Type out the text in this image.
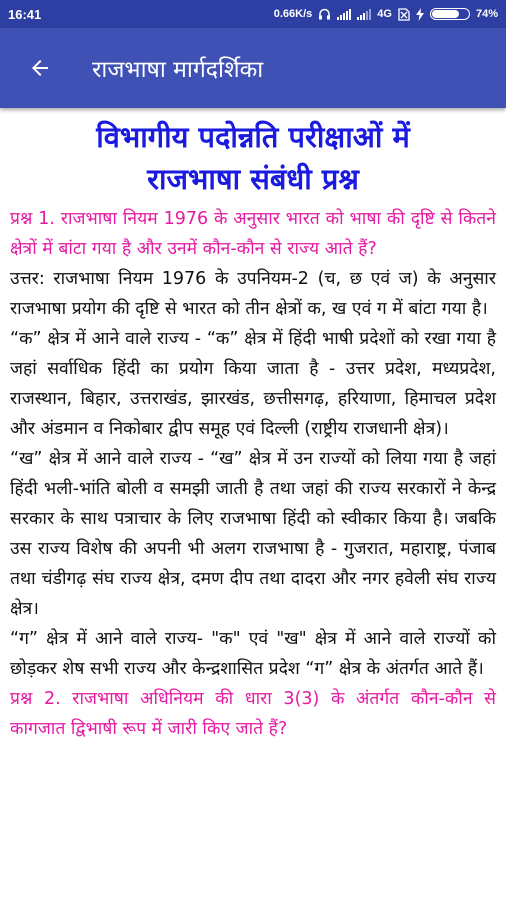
16:41	0.66K/s	4G	74%
राजभाषा मार्गदर्शिका
विभागीय पदोन्नति परीक्षाओं में
राजभाषा संबंधी प्रश्न

प्रश्न 1. राजभाषा नियम 1976 के अनुसार भारत को भाषा की दृष्टि से कितने क्षेत्रों में बांटा गया है और उनमें कौन-कौन से राज्य आते हैं?

उत्तर: राजभाषा नियम 1976 के उपनियम-2 (च, छ एवं ज) के अनुसार राजभाषा प्रयोग की दृष्टि से भारत को तीन क्षेत्रों क, ख एवं ग में बांटा गया है।

“क” क्षेत्र में आने वाले राज्य - “क” क्षेत्र में हिंदी भाषी प्रदेशों को रखा गया है जहां सर्वाधिक हिंदी का प्रयोग किया जाता है - उत्तर प्रदेश, मध्यप्रदेश, राजस्थान, बिहार, उत्तराखंड, झारखंड, छत्तीसगढ़, हरियाणा, हिमाचल प्रदेश और अंडमान व निकोबार द्वीप समूह एवं दिल्ली (राष्ट्रीय राजधानी क्षेत्र)।

“ख” क्षेत्र में आने वाले राज्य - “ख” क्षेत्र में उन राज्यों को लिया गया है जहां हिंदी भली-भांति बोली व समझी जाती है तथा जहां की राज्य सरकारों ने केन्द्र सरकार के साथ पत्राचार के लिए राजभाषा हिंदी को स्वीकार किया है। जबकि उस राज्य विशेष की अपनी भी अलग राजभाषा है - गुजरात, महाराष्ट्र, पंजाब तथा चंडीगढ़ संघ राज्य क्षेत्र, दमण दीप तथा दादरा और नगर हवेली संघ राज्य क्षेत्र।

“ग” क्षेत्र में आने वाले राज्य- "क" एवं "ख" क्षेत्र में आने वाले राज्यों को छोड़कर शेष सभी राज्य और केन्द्रशासित प्रदेश “ग” क्षेत्र के अंतर्गत आते हैं।

प्रश्न 2. राजभाषा अधिनियम की धारा 3(3) के अंतर्गत कौन-कौन से कागजात द्विभाषी रूप में जारी किए जाते हैं?
